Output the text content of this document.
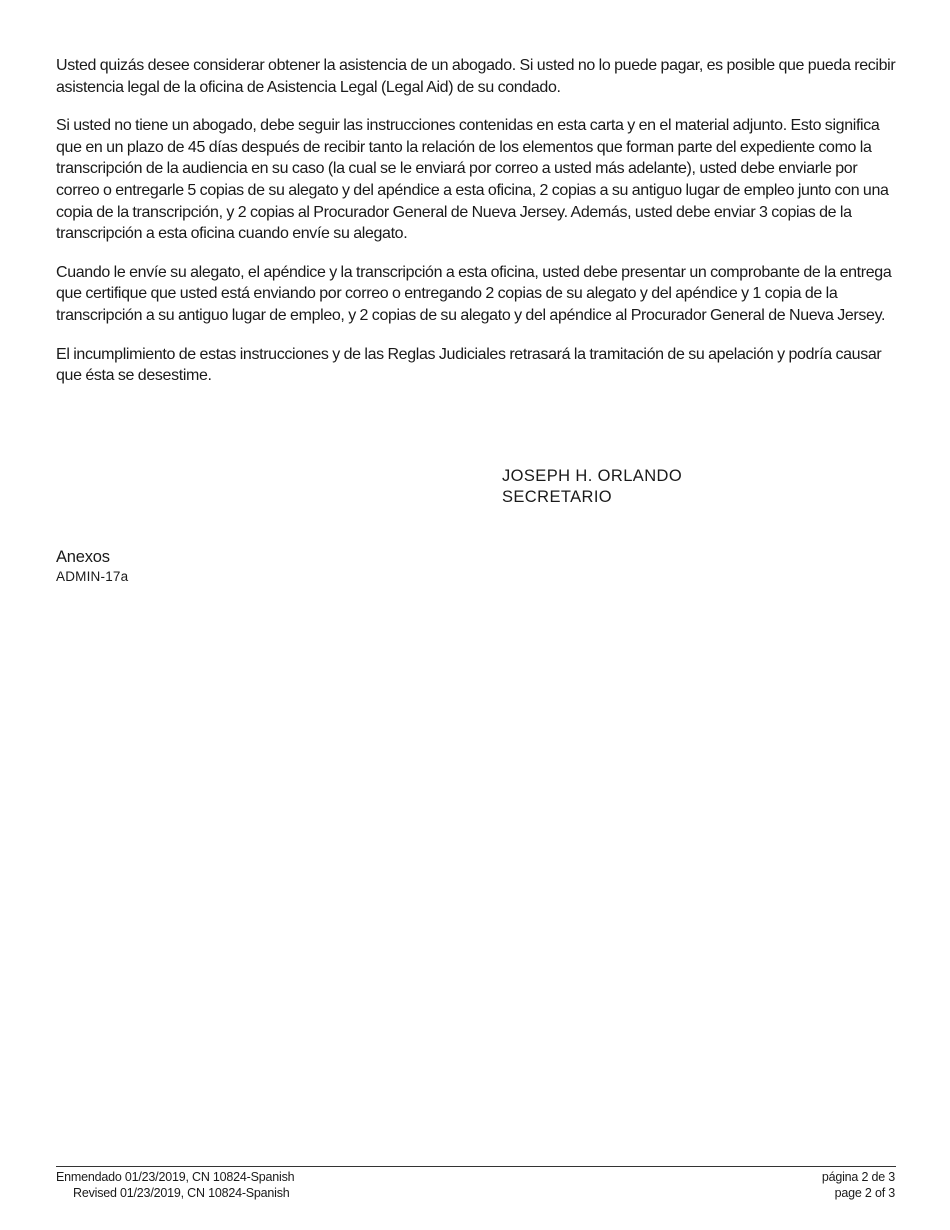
Usted quizás desee considerar obtener la asistencia de un abogado. Si usted no lo puede pagar, es posible que pueda recibir asistencia legal de la oficina de Asistencia Legal (Legal Aid) de su condado.

Si usted no tiene un abogado, debe seguir las instrucciones contenidas en esta carta y en el material adjunto. Esto significa que en un plazo de 45 días después de recibir tanto la relación de los elementos que forman parte del expediente como la transcripción de la audiencia en su caso (la cual se le enviará por correo a usted más adelante), usted debe enviarle por correo o entregarle 5 copias de su alegato y del apéndice a esta oficina, 2 copias a su antiguo lugar de empleo junto con una copia de la transcripción, y 2 copias al Procurador General de Nueva Jersey. Además, usted debe enviar 3 copias de la transcripción a esta oficina cuando envíe su alegato.

Cuando le envíe su alegato, el apéndice y la transcripción a esta oficina, usted debe presentar un comprobante de la entrega que certifique que usted está enviando por correo o entregando 2 copias de su alegato y del apéndice y 1 copia de la transcripción a su antiguo lugar de empleo, y 2 copias de su alegato y del apéndice al Procurador General de Nueva Jersey.

El incumplimiento de estas instrucciones y de las Reglas Judiciales retrasará la tramitación de su apelación y podría causar que ésta se desestime.

JOSEPH H. ORLANDO
SECRETARIO
Anexos
ADMIN-17a
Enmendado 01/23/2019, CN 10824-Spanish
Revised 01/23/2019, CN 10824-Spanish
página 2 de 3
page 2 of 3
